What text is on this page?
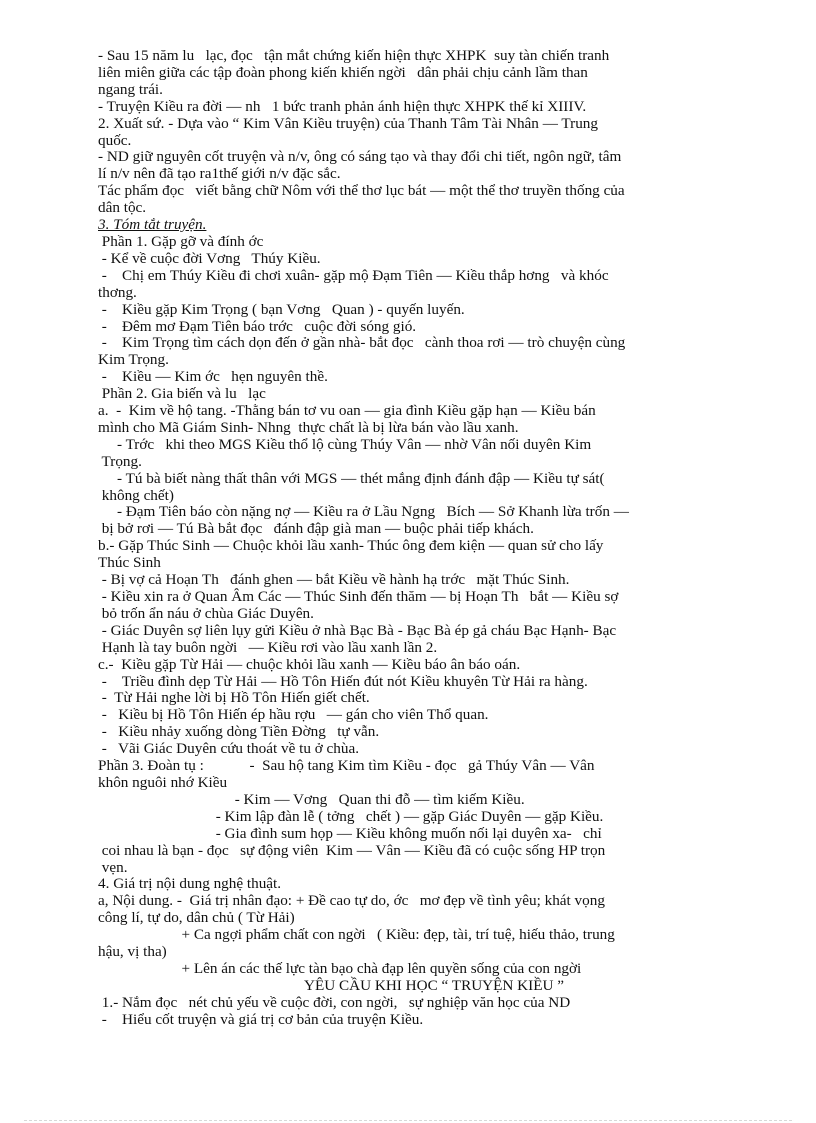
- Sau 15 năm lu   lạc, đọc   tận mắt chứng kiến hiện thực XHPK  suy tàn chiến tranh

liên miên giữa các tập đoàn phong kiến khiến ngời   dân phải chịu cảnh lầm than

ngang trái.

- Truyện Kiều ra đời — nh   1 bức tranh phản ánh hiện thực XHPK thế kỉ XIIIV.

2. Xuất sứ. - Dựa vào “ Kim Vân Kiều truyện) của Thanh Tâm Tài Nhân — Trung

quốc.

- ND giữ nguyên cốt truyện và n/v, ông có sáng tạo và thay đổi chi tiết, ngôn ngữ, tâm

lí n/v nên đã tạo ra1thế giới n/v đặc sắc.

Tác phẩm đọc   viết bằng chữ Nôm với thể thơ lục bát — một thể thơ truyền thống của

dân tộc.

3. Tóm tắt truyện.

Phần 1. Gặp gỡ và đính ớc

- Kể về cuộc đời Vơng   Thúy Kiều.

-    Chị em Thúy Kiều đi chơi xuân- gặp mộ Đạm Tiên — Kiều thắp hơng   và khóc

thơng.

-    Kiều gặp Kim Trọng ( bạn Vơng   Quan ) - quyến luyến.

-    Đêm mơ Đạm Tiên báo trớc   cuộc đời sóng gió.

-    Kim Trọng tìm cách dọn đến ở gần nhà- bắt đọc   cành thoa rơi — trò chuyện cùng

Kim Trọng.

-    Kiều — Kim ớc   hẹn nguyên thề.

Phần 2. Gia biến và lu   lạc

a.  -  Kim về hộ tang. -Thằng bán tơ vu oan — gia đình Kiều gặp hạn — Kiều bán

mình cho Mã Giám Sinh- Nhng  thực chất là bị lừa bán vào lầu xanh.

- Trớc   khi theo MGS Kiều thổ lộ cùng Thúy Vân — nhờ Vân nối duyên Kim

Trọng.

- Tú bà biết nàng thất thân với MGS — thét mắng định đánh đập — Kiều tự sát(

không chết)

- Đạm Tiên báo còn nặng nợ — Kiều ra ở Lầu Ngng   Bích — Sở Khanh lừa trốn —

bị bở rơi — Tú Bà bắt đọc   đánh đập già man — buộc phải tiếp khách.

b.- Gặp Thúc Sinh — Chuộc khỏi lầu xanh- Thúc ông đem kiện — quan sử cho lấy

Thúc Sinh

- Bị vợ cả Hoạn Th   đánh ghen — bắt Kiều về hành hạ trớc   mặt Thúc Sinh.

- Kiều xin ra ở Quan Âm Các — Thúc Sinh đến thăm — bị Hoạn Th   bắt — Kiều sợ

bỏ trốn ẩn náu ở chùa Giác Duyên.

- Giác Duyên sợ liên lụy gửi Kiều ở nhà Bạc Bà - Bạc Bà ép gả cháu Bạc Hạnh- Bạc

Hạnh là tay buôn ngời   — Kiều rơi vào lầu xanh lần 2.

c.-  Kiều gặp Từ Hải — chuộc khỏi lầu xanh — Kiều báo ân báo oán.

-    Triều đình dẹp Từ Hải — Hồ Tôn Hiến đút nót Kiều khuyên Từ Hải ra hàng.

-  Từ Hải nghe lời bị Hồ Tôn Hiến giết chết.

-   Kiều bị Hồ Tôn Hiến ép hầu rợu   — gán cho viên Thổ quan.

-   Kiều nhảy xuống dòng Tiền Đờng   tự vẫn.

-   Vãi Giác Duyên cứu thoát về tu ở chùa.

Phần 3. Đoàn tụ :            -  Sau hộ tang Kim tìm Kiều - đọc   gả Thúy Vân — Vân

khôn nguôi nhớ Kiều

- Kim — Vơng   Quan thi đỗ — tìm kiếm Kiều.

- Kim lập đàn lễ ( tởng   chết ) — gặp Giác Duyên — gặp Kiều.

- Gia đình sum họp — Kiều không muốn nối lại duyên xa-   chỉ

coi nhau là bạn - đọc   sự động viên  Kim — Vân — Kiều đã có cuộc sống HP trọn

vẹn.

4. Giá trị nội dung nghệ thuật.

a, Nội dung. -  Giá trị nhân đạo: + Đề cao tự do, ớc   mơ đẹp về tình yêu; khát vọng

công lí, tự do, dân chủ ( Từ Hải)

+ Ca ngợi phẩm chất con ngời   ( Kiều: đẹp, tài, trí tuệ, hiếu thảo, trung

hậu, vị tha)

+ Lên án các thế lực tàn bạo chà đạp lên quyền sống của con ngời

YÊU CẦU KHI HỌC “ TRUYỆN KIỀU ”

1.- Nắm đọc   nét chủ yếu về cuộc đời, con ngời,   sự nghiệp văn học của ND

-    Hiểu cốt truyện và giá trị cơ bản của truyện Kiều.
